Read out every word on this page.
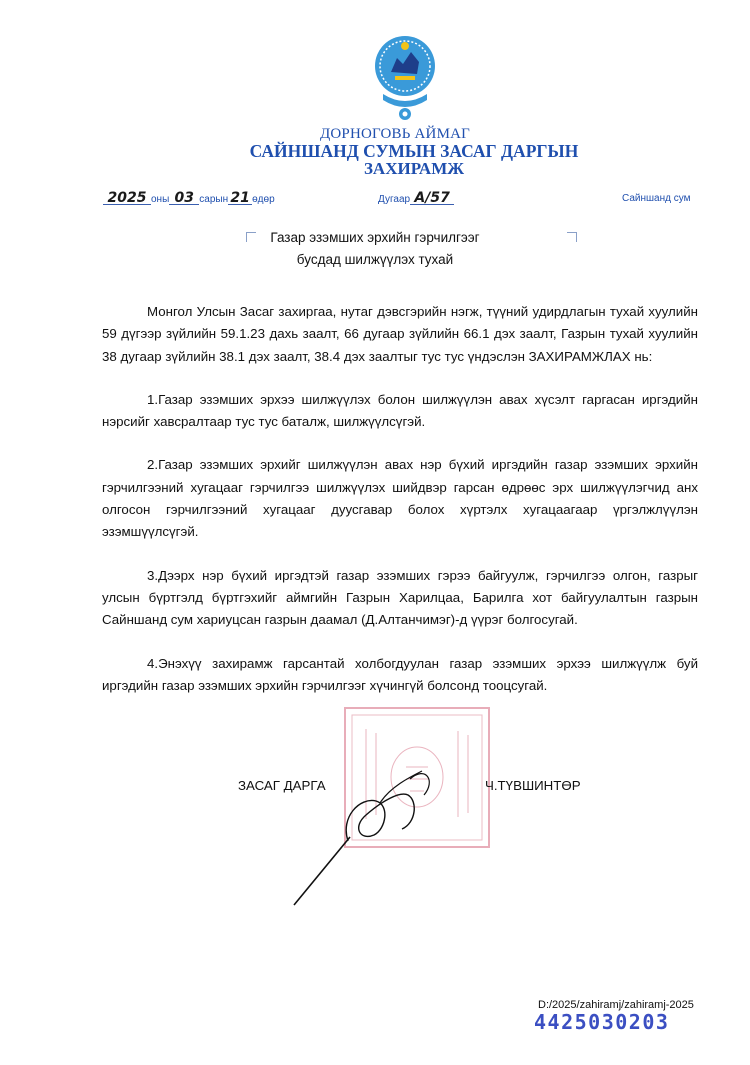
ДОРНОГОВЬ АЙМАГ
САЙНШАНД СУМЫН ЗАСАГ ДАРГЫН
ЗАХИРАМЖ
2025 оны 03 сарын 21 өдөр	Дугаар A/57	Сайншанд сум
Газар эзэмших эрхийн гэрчилгээг
бусдад шилжүүлэх тухай

Монгол Улсын Засаг захиргаа, нутаг дэвсгэрийн нэгж, түүний удирдлагын тухай хуулийн 59 дүгээр зүйлийн 59.1.23 дахь заалт, 66 дугаар зүйлийн 66.1 дэх заалт, Газрын тухай хуулийн 38 дугаар зүйлийн 38.1 дэх заалт, 38.4 дэх заалтыг тус тус үндэслэн ЗАХИРАМЖЛАХ нь:

1.Газар эзэмших эрхээ шилжүүлэх болон шилжүүлэн авах хүсэлт гаргасан иргэдийн нэрсийг хавсралтаар тус тус баталж, шилжүүлсүгэй.

2.Газар эзэмших эрхийг шилжүүлэн авах нэр бүхий иргэдийн газар эзэмших эрхийн гэрчилгээний хугацааг гэрчилгээ шилжүүлэх шийдвэр гарсан өдрөөс эрх шилжүүлэгчид анх олгосон гэрчилгээний хугацааг дуусгавар болох хүртэлх хугацаагаар үргэлжлүүлэн эзэмшүүлсүгэй.

3.Дээрх нэр бүхий иргэдтэй газар эзэмших гэрээ байгуулж, гэрчилгээ олгон, газрыг улсын бүртгэлд бүртгэхийг аймгийн Газрын Харилцаа, Барилга хот байгуулалтын газрын Сайншанд сум хариуцсан газрын даамал (Д.Алтанчимэг)-д үүрэг болгосугай.

4.Энэхүү захирамж гарсантай холбогдуулан газар эзэмших эрхээ шилжүүлж буй иргэдийн газар эзэмших эрхийн гэрчилгээг хүчингүй болсонд тооцсугай.

ЗАСАГ ДАРГА	Ч.ТҮВШИНТӨР
D:/2025/zahiramj/zahiramj-2025
4425030203
